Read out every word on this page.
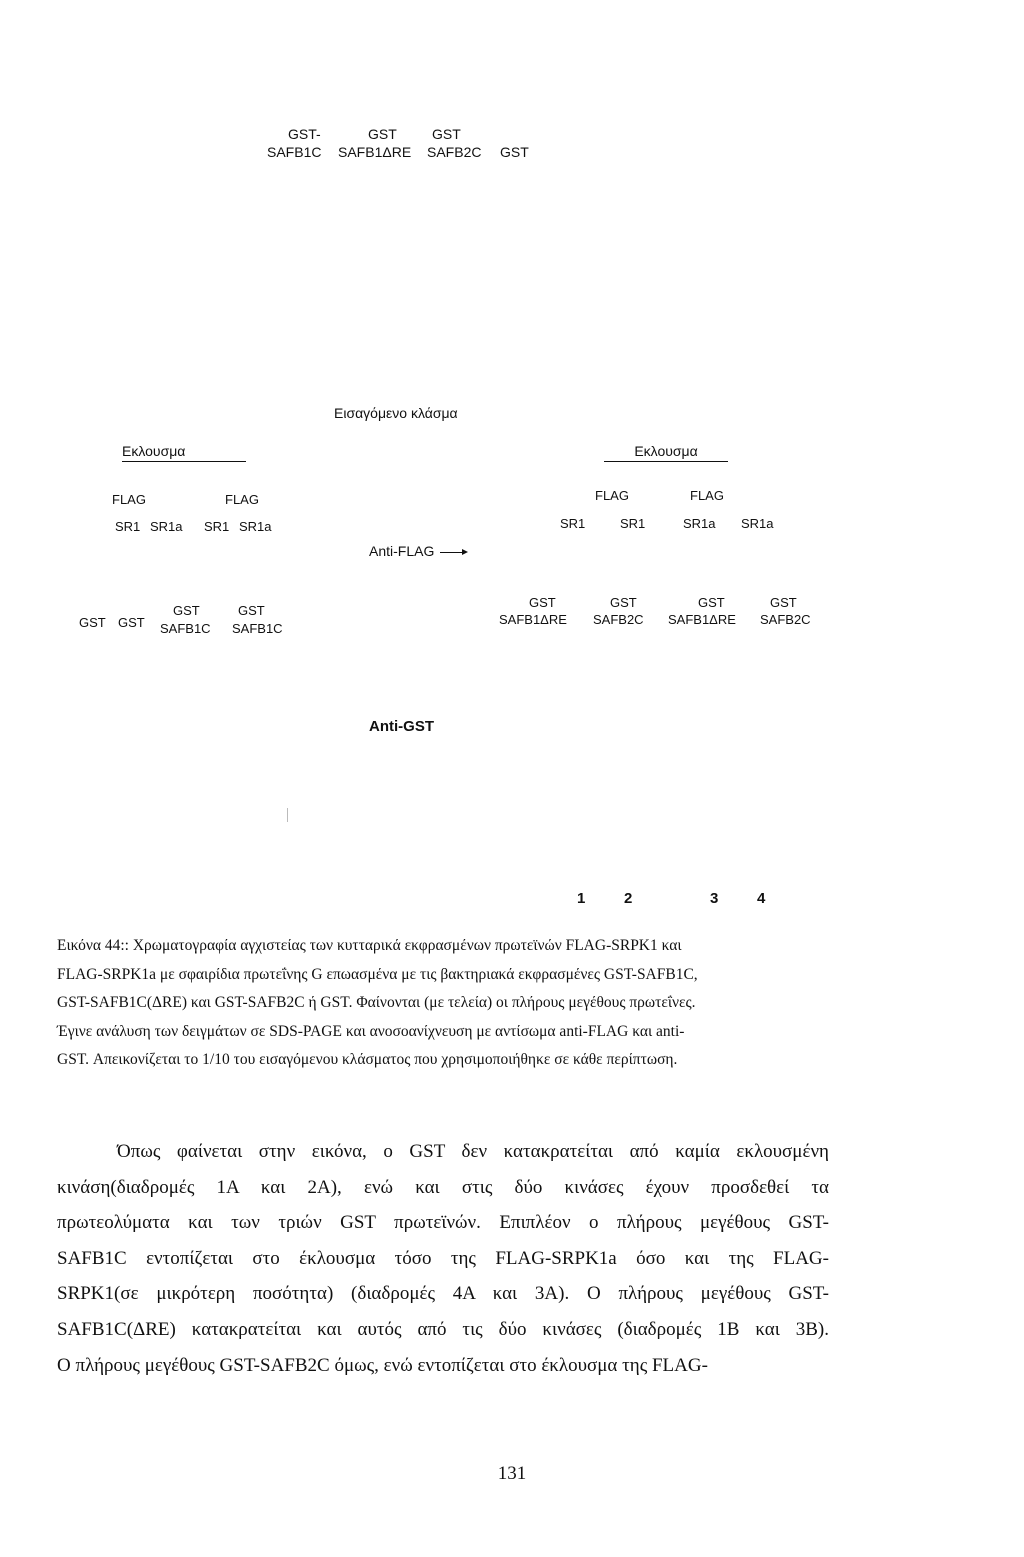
GST-	GST	GST
SAFB1C SAFB1ΔRE SAFB2C GST
Εισαγόμενο κλάσμα
Εκλουσμα
FLAG	FLAG
SR1 SR1a SR1 SR1a
GST GST
GST	GST
SAFB1C SAFB1C
Anti-FLAG
Εκλουσμα
FLAG	FLAG
SR1	SR1	SR1a SR1a
GST	GST	GST	GST
SAFB1ΔRE SAFB2C SAFB1ΔRE SAFB2C
Anti-GST
1	2	3	4
Εικόνα 44:: Χρωματογραφία αγχιστείας των κυτταρικά εκφρασμένων πρωτεϊνών FLAG-SRPK1 και
FLAG-SRPK1a με σφαιρίδια πρωτεΐνης G επωασμένα με τις βακτηριακά εκφρασμένες GST-SAFB1C,
GST-SAFB1C(ΔRE) και GST-SAFB2C ή GST. Φαίνονται (με τελεία) οι πλήρους μεγέθους πρωτεΐνες.
Έγινε ανάλυση των δειγμάτων σε SDS-PAGE και ανοσοανίχνευση με αντίσωμα anti-FLAG και anti-
GST. Απεικονίζεται το 1/10 του εισαγόμενου κλάσματος που χρησιμοποιήθηκε σε κάθε περίπτωση.
Όπως φαίνεται στην εικόνα, ο GST δεν κατακρατείται από καμία εκλουσμένη
κινάση(διαδρομές 1Α και 2Α), ενώ και στις δύο κινάσες έχουν προσδεθεί τα
πρωτεολύματα και των τριών GST πρωτεϊνών. Επιπλέον ο πλήρους μεγέθους GST-
SAFB1C εντοπίζεται στο έκλουσμα τόσο της FLAG-SRPK1a όσο και της FLAG-
SRPK1(σε μικρότερη ποσότητα) (διαδρομές 4Α και 3Α). Ο πλήρους μεγέθους GST-
SAFB1C(ΔRE) κατακρατείται και αυτός από τις δύο κινάσες (διαδρομές 1Β και 3Β).
Ο πλήρους μεγέθους GST-SAFB2C όμως, ενώ εντοπίζεται στο έκλουσμα της FLAG-
131
